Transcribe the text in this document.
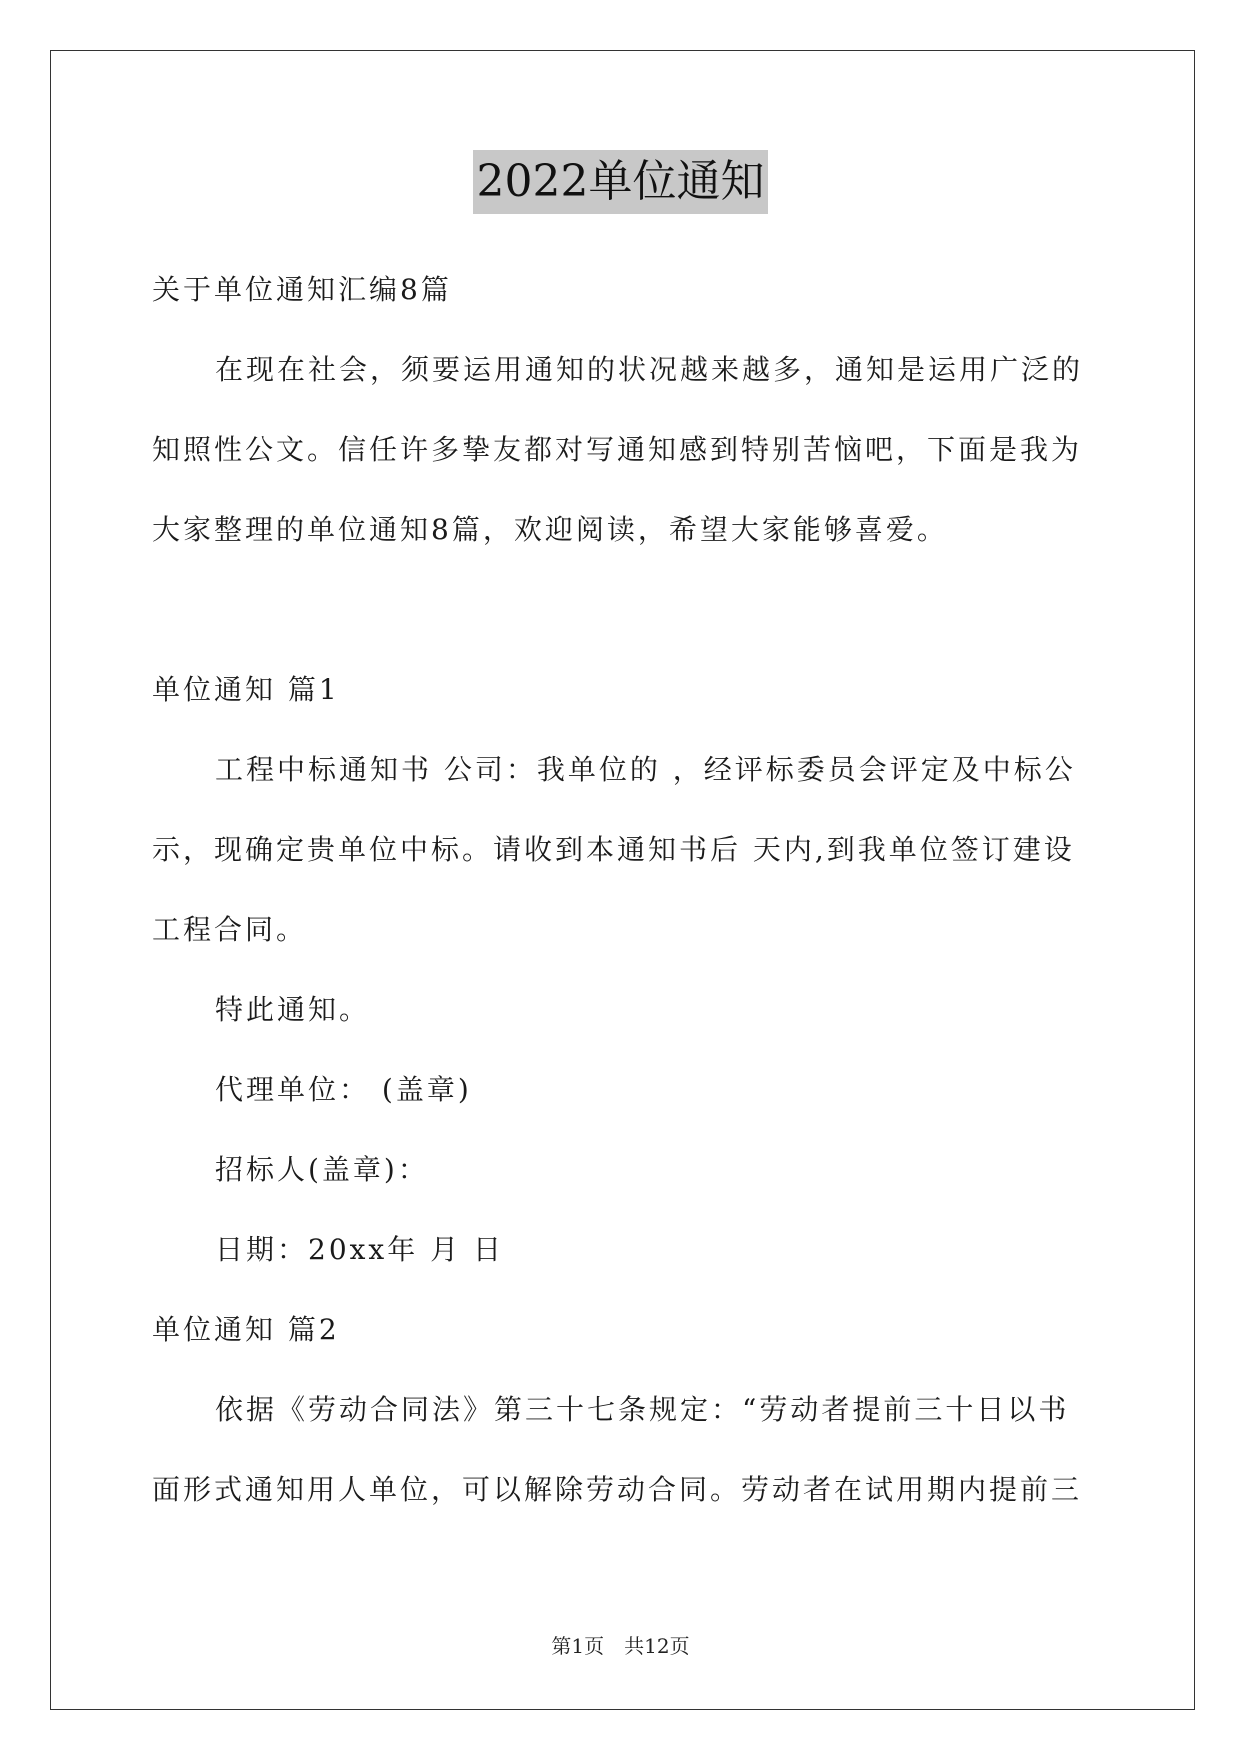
2022单位通知
关于单位通知汇编8篇
在现在社会，须要运用通知的状况越来越多，通知是运用广泛的
知照性公文。信任许多挚友都对写通知感到特别苦恼吧，下面是我为
大家整理的单位通知8篇，欢迎阅读，希望大家能够喜爱。
单位通知 篇1
工程中标通知书 公司：我单位的 ，经评标委员会评定及中标公
示，现确定贵单位中标。请收到本通知书后 天内,到我单位签订建设
工程合同。
特此通知。
代理单位： (盖章)
招标人(盖章)：
日期：20xx年 月 日
单位通知 篇2
依据《劳动合同法》第三十七条规定：“劳动者提前三十日以书
面形式通知用人单位，可以解除劳动合同。劳动者在试用期内提前三
第1页　共12页
